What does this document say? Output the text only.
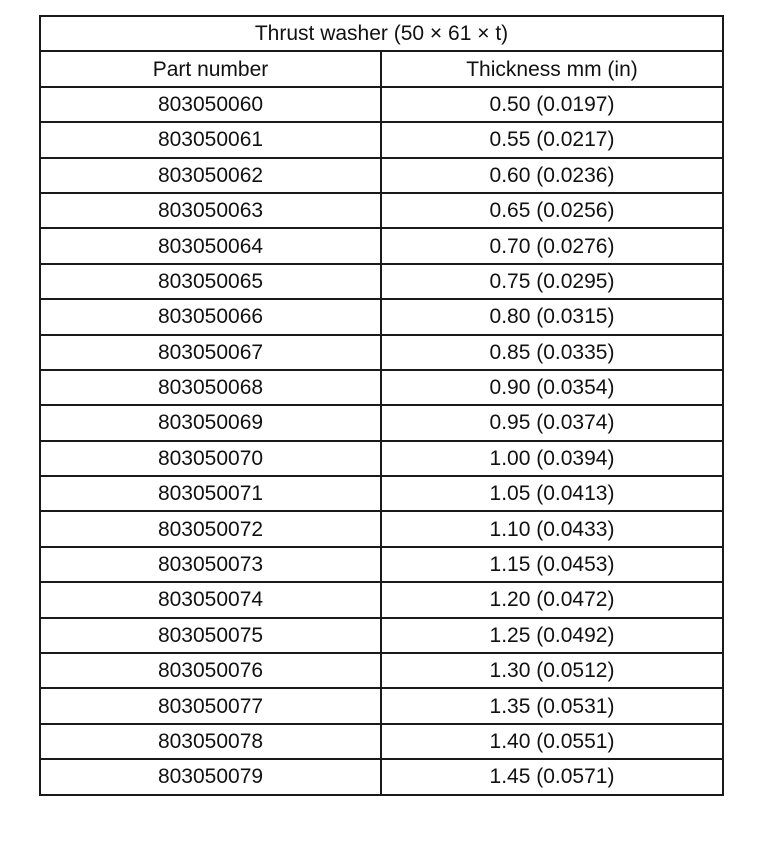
Thrust washer (50 × 61 × t)	
Part number	Thickness mm (in)
803050060	0.50 (0.0197)
803050061	0.55 (0.0217)
803050062	0.60 (0.0236)
803050063	0.65 (0.0256)
803050064	0.70 (0.0276)
803050065	0.75 (0.0295)
803050066	0.80 (0.0315)
803050067	0.85 (0.0335)
803050068	0.90 (0.0354)
803050069	0.95 (0.0374)
803050070	1.00 (0.0394)
803050071	1.05 (0.0413)
803050072	1.10 (0.0433)
803050073	1.15 (0.0453)
803050074	1.20 (0.0472)
803050075	1.25 (0.0492)
803050076	1.30 (0.0512)
803050077	1.35 (0.0531)
803050078	1.40 (0.0551)
803050079	1.45 (0.0571)
